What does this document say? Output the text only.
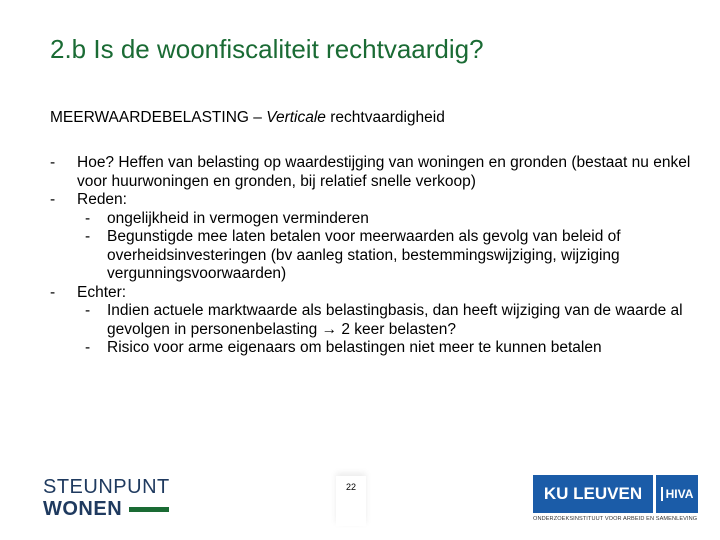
2.b Is de woonfiscaliteit rechtvaardig?
MEERWAARDEBELASTING – Verticale rechtvaardigheid
-	Hoe? Heffen van belasting op waardestijging van woningen en gronden (bestaat nu enkel voor huurwoningen en gronden, bij relatief snelle verkoop)
-	Reden:
-	ongelijkheid in vermogen verminderen
-	Begunstigde mee laten betalen voor meerwaarden als gevolg van beleid of overheidsinvesteringen (bv aanleg station, bestemmingswijziging, wijziging vergunningsvoorwaarden)
-	Echter:
-	Indien actuele marktwaarde als belastingbasis, dan heeft wijziging van de waarde al gevolgen in personenbelasting → 2 keer belasten?
-	Risico voor arme eigenaars om belastingen niet meer te kunnen betalen
STEUNPUNT
WONEN
22	KU LEUVEN	HIVA
ONDERZOEKSINSTITUUT VOOR ARBEID EN SAMENLEVING
